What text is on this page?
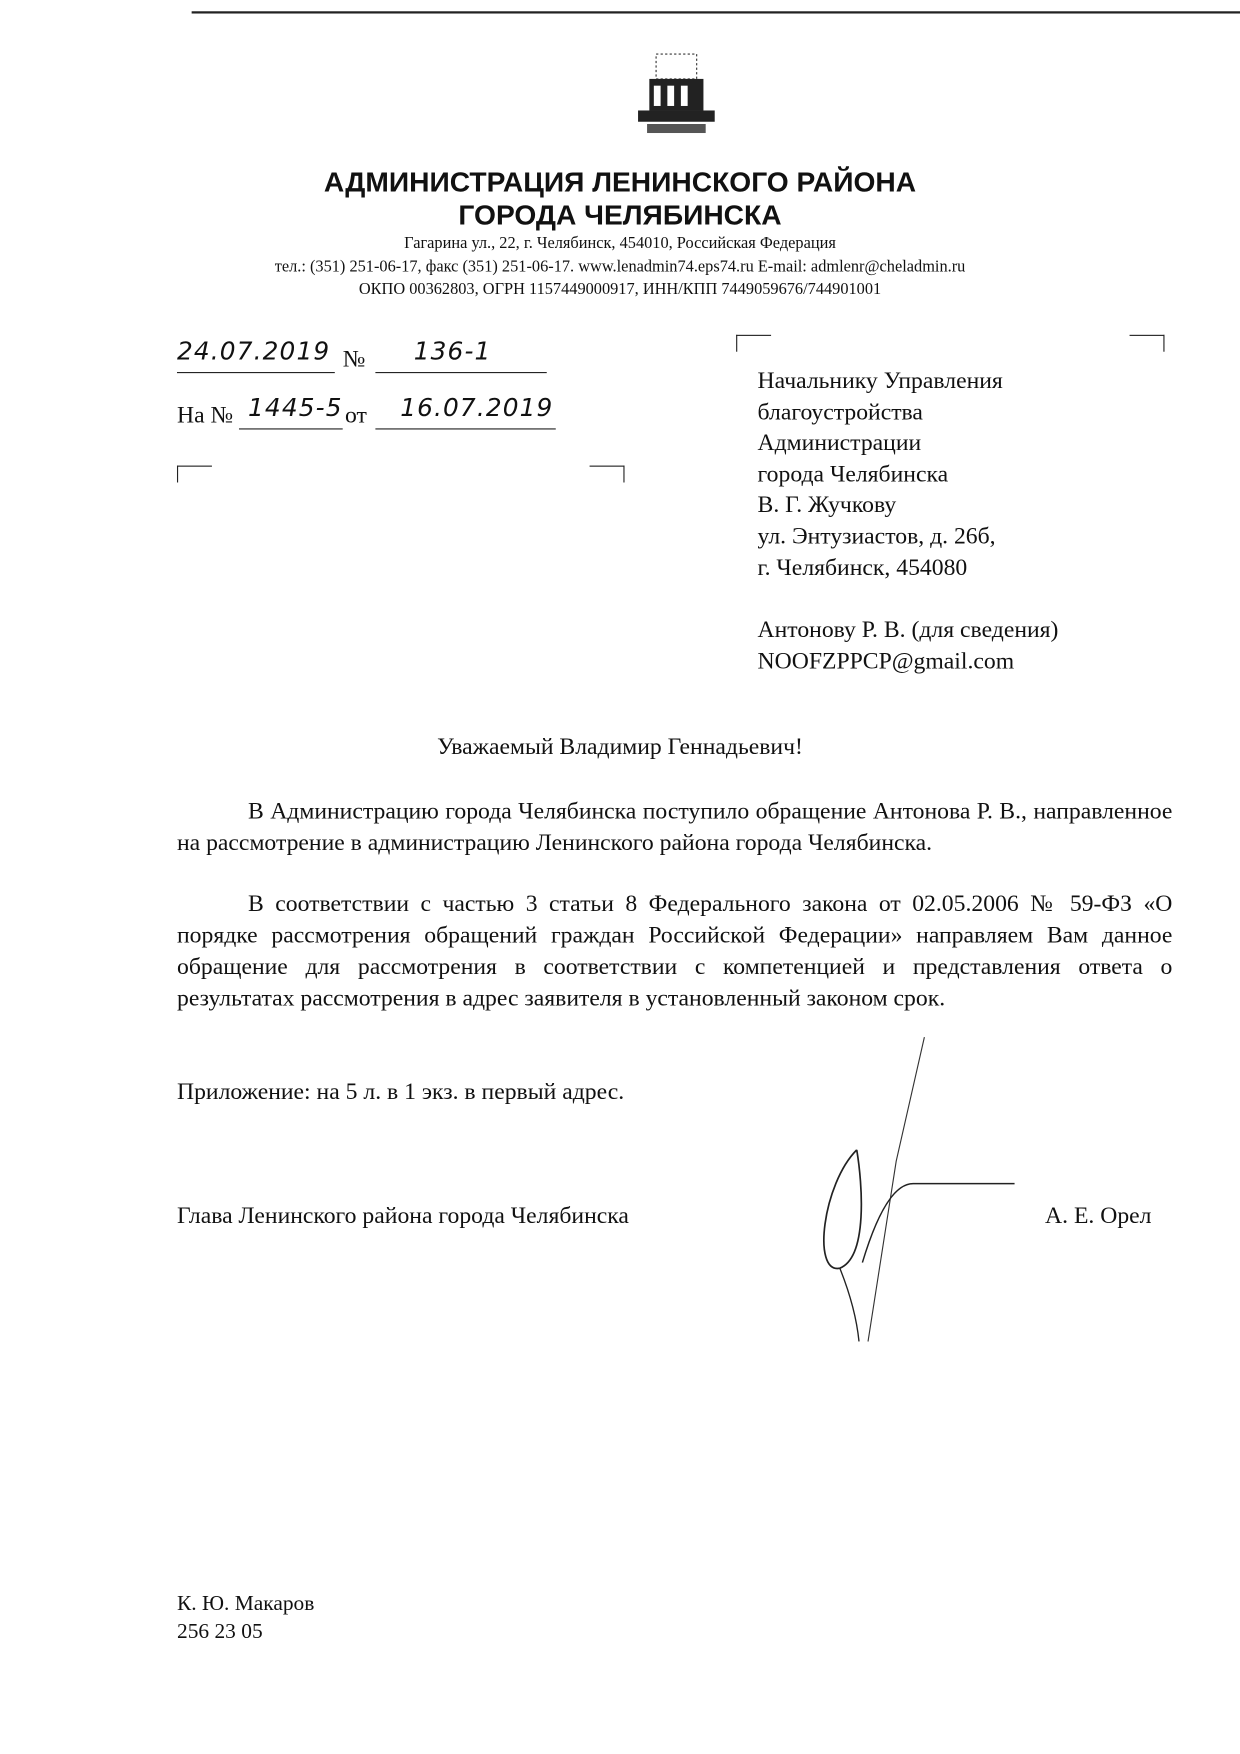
АДМИНИСТРАЦИЯ ЛЕНИНСКОГО РАЙОНА
ГОРОДА ЧЕЛЯБИНСКА
Гагарина ул., 22, г. Челябинск, 454010, Российская Федерация
тел.: (351) 251-06-17, факс (351) 251-06-17. www.lenadmin74.eps74.ru E-mail: admlenr@cheladmin.ru
ОКПО 00362803, ОГРН 1157449000917, ИНН/КПП 7449059676/744901001
24.07.2019 №	136-1
На № 1445-5 от	16.07.2019
Начальнику Управления
благоустройства
Администрации
города Челябинска
В. Г. Жучкову
ул. Энтузиастов, д. 26б,
г. Челябинск, 454080
Антонову Р. В. (для сведения)
NOOFZPPCP@gmail.com
Уважаемый Владимир Геннадьевич!
В Администрацию города Челябинска поступило обращение Антонова Р. В., направленное на рассмотрение в администрацию Ленинского района города Челябинска.
В соответствии с частью 3 статьи 8 Федерального закона от 02.05.2006 № 59-ФЗ «О порядке рассмотрения обращений граждан Российской Федерации» направляем Вам данное обращение для рассмотрения в соответствии с компетенцией и представления ответа о результатах рассмотрения в адрес заявителя в установленный законом срок.
Приложение: на 5 л. в 1 экз. в первый адрес.
Глава Ленинского района города Челябинска	А. Е. Орел
К. Ю. Макаров
256 23 05
